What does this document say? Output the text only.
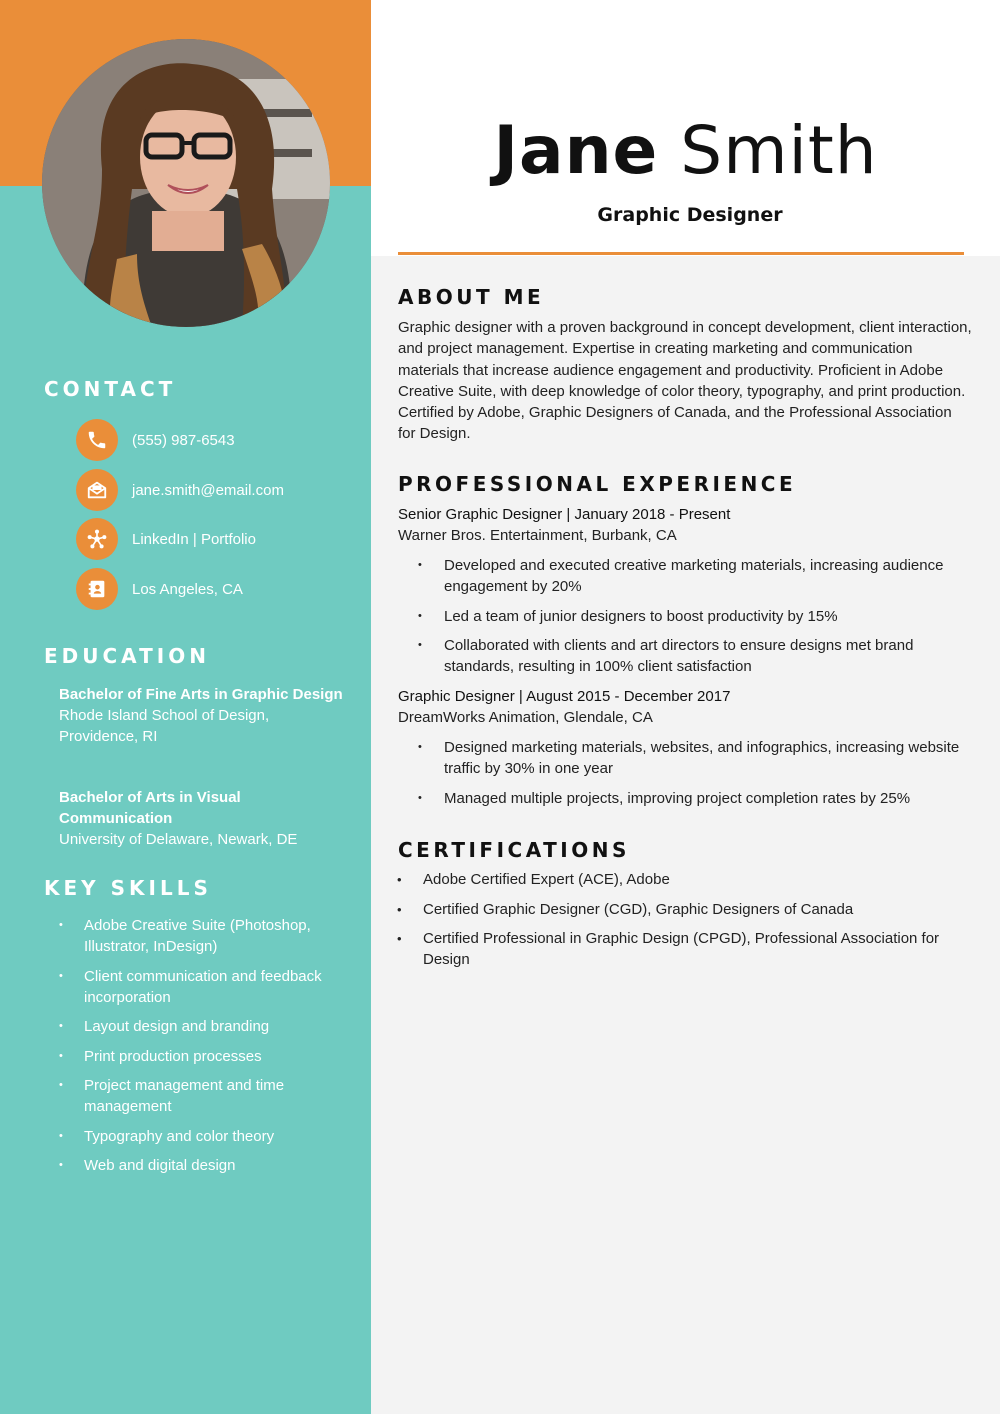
CONTACT
(555) 987-6543
jane.smith@email.com
LinkedIn | Portfolio
Los Angeles, CA
EDUCATION
Bachelor of Fine Arts in Graphic Design
Rhode Island School of Design, Providence, RI
Bachelor of Arts in Visual Communication
University of Delaware, Newark, DE
KEY SKILLS
• Adobe Creative Suite (Photoshop, Illustrator, InDesign)
• Client communication and feedback incorporation
• Layout design and branding
• Print production processes
• Project management and time management
• Typography and color theory
• Web and digital design
Jane Smith
Graphic Designer
ABOUT ME

Graphic designer with a proven background in concept development, client interaction, and project management. Expertise in creating marketing and communication materials that increase audience engagement and productivity. Proficient in Adobe Creative Suite, with deep knowledge of color theory, typography, and print production. Certified by Adobe, Graphic Designers of Canada, and the Professional Association for Design.

PROFESSIONAL EXPERIENCE
Senior Graphic Designer | January 2018 - Present
Warner Bros. Entertainment, Burbank, CA
• Developed and executed creative marketing materials, increasing audience engagement by 20%
• Led a team of junior designers to boost productivity by 15%
• Collaborated with clients and art directors to ensure designs met brand standards, resulting in 100% client satisfaction
Graphic Designer | August 2015 - December 2017
DreamWorks Animation, Glendale, CA
• Designed marketing materials, websites, and infographics, increasing website traffic by 30% in one year
• Managed multiple projects, improving project completion rates by 25%
CERTIFICATIONS
• Adobe Certified Expert (ACE), Adobe
• Certified Graphic Designer (CGD), Graphic Designers of Canada
• Certified Professional in Graphic Design (CPGD), Professional Association for Design
